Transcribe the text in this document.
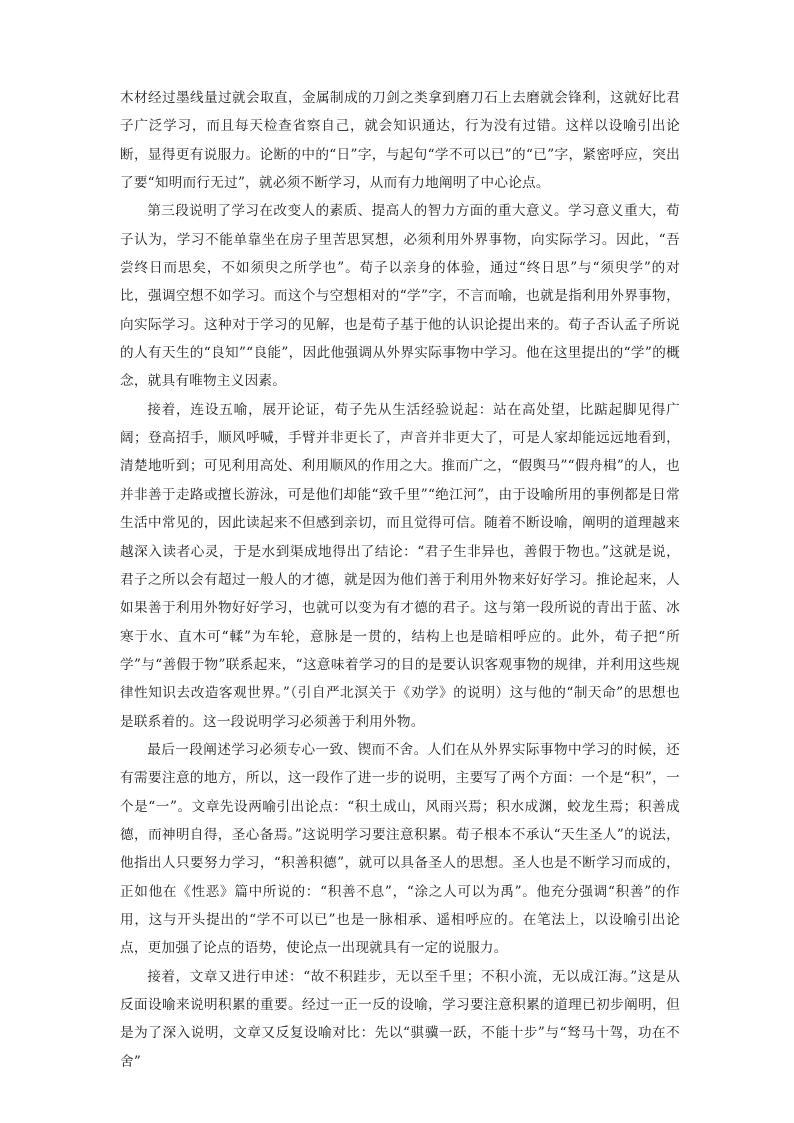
木材经过墨线量过就会取直，金属制成的刀剑之类拿到磨刀石上去磨就会锋利，这就好比君子广泛学习，而且每天检查省察自己，就会知识通达，行为没有过错。这样以设喻引出论断，显得更有说服力。论断的中的“日”字，与起句“学不可以已”的“已”字，紧密呼应，突出了要“知明而行无过”，就必须不断学习，从而有力地阐明了中心论点。

第三段说明了学习在改变人的素质、提高人的智力方面的重大意义。学习意义重大，荀子认为，学习不能单靠坐在房子里苦思冥想，必须利用外界事物，向实际学习。因此，“吾尝终日而思矣，不如须臾之所学也”。荀子以亲身的体验，通过“终日思”与“须臾学”的对比，强调空想不如学习。而这个与空想相对的“学”字，不言而喻，也就是指利用外界事物，向实际学习。这种对于学习的见解，也是荀子基于他的认识论提出来的。荀子否认孟子所说的人有天生的“良知”“良能”，因此他强调从外界实际事物中学习。他在这里提出的“学”的概念，就具有唯物主义因素。

接着，连设五喻，展开论证，荀子先从生活经验说起：站在高处望，比踮起脚见得广阔；登高招手，顺风呼喊，手臂并非更长了，声音并非更大了，可是人家却能远远地看到，清楚地听到；可见利用高处、利用顺风的作用之大。推而广之，“假舆马”“假舟楫”的人，也并非善于走路或擅长游泳，可是他们却能“致千里”“绝江河”，由于设喻所用的事例都是日常生活中常见的，因此读起来不但感到亲切，而且觉得可信。随着不断设喻，阐明的道理越来越深入读者心灵，于是水到渠成地得出了结论：“君子生非异也，善假于物也。”这就是说，君子之所以会有超过一般人的才德，就是因为他们善于利用外物来好好学习。推论起来，人如果善于利用外物好好学习，也就可以变为有才德的君子。这与第一段所说的青出于蓝、冰寒于水、直木可“輮”为车轮，意脉是一贯的，结构上也是暗相呼应的。此外，荀子把“所学”与“善假于物”联系起来，“这意味着学习的目的是要认识客观事物的规律，并利用这些规律性知识去改造客观世界。”（引自严北溟关于《劝学》的说明）这与他的“制天命”的思想也是联系着的。这一段说明学习必须善于利用外物。

最后一段阐述学习必须专心一致、锲而不舍。人们在从外界实际事物中学习的时候，还有需要注意的地方，所以，这一段作了进一步的说明，主要写了两个方面：一个是“积”，一个是“一”。文章先设两喻引出论点：“积土成山，风雨兴焉；积水成渊，蛟龙生焉；积善成德，而神明自得，圣心备焉。”这说明学习要注意积累。荀子根本不承认“天生圣人”的说法，他指出人只要努力学习，“积善积德”，就可以具备圣人的思想。圣人也是不断学习而成的，正如他在《性恶》篇中所说的：“积善不息”，“涂之人可以为禹”。他充分强调“积善”的作用，这与开头提出的“学不可以已”也是一脉相承、遥相呼应的。在笔法上，以设喻引出论点，更加强了论点的语势，使论点一出现就具有一定的说服力。

接着，文章又进行申述：“故不积跬步，无以至千里；不积小流，无以成江海。”这是从反面设喻来说明积累的重要。经过一正一反的设喻，学习要注意积累的道理已初步阐明，但是为了深入说明，文章又反复设喻对比：先以“骐骥一跃，不能十步”与“驽马十驾，功在不舍”
